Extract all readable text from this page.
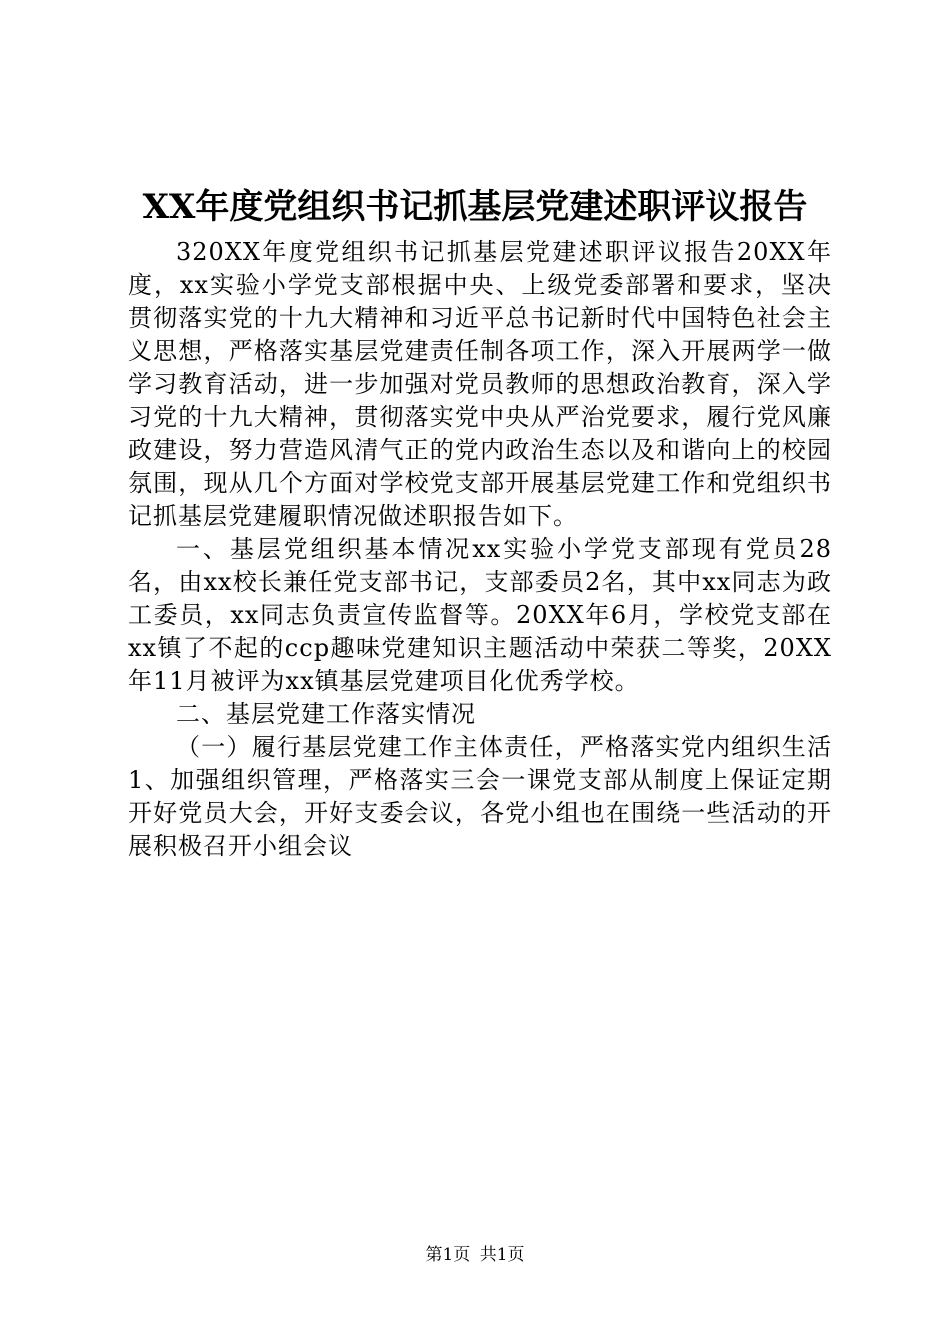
XX年度党组织书记抓基层党建述职评议报告

320XX年度党组织书记抓基层党建述职评议报告20XX年度，xx实验小学党支部根据中央、上级党委部署和要求，坚决贯彻落实党的十九大精神和习近平总书记新时代中国特色社会主义思想，严格落实基层党建责任制各项工作，深入开展两学一做学习教育活动，进一步加强对党员教师的思想政治教育，深入学习党的十九大精神，贯彻落实党中央从严治党要求，履行党风廉政建设，努力营造风清气正的党内政治生态以及和谐向上的校园氛围，现从几个方面对学校党支部开展基层党建工作和党组织书记抓基层党建履职情况做述职报告如下。

一、基层党组织基本情况xx实验小学党支部现有党员28名，由xx校长兼任党支部书记，支部委员2名，其中xx同志为政工委员，xx同志负责宣传监督等。20XX年6月，学校党支部在xx镇了不起的ccp趣味党建知识主题活动中荣获二等奖，20XX年11月被评为xx镇基层党建项目化优秀学校。

二、基层党建工作落实情况

（一）履行基层党建工作主体责任，严格落实党内组织生活1、加强组织管理，严格落实三会一课党支部从制度上保证定期开好党员大会，开好支委会议，各党小组也在围绕一些活动的开展积极召开小组会议

第1页 共1页
